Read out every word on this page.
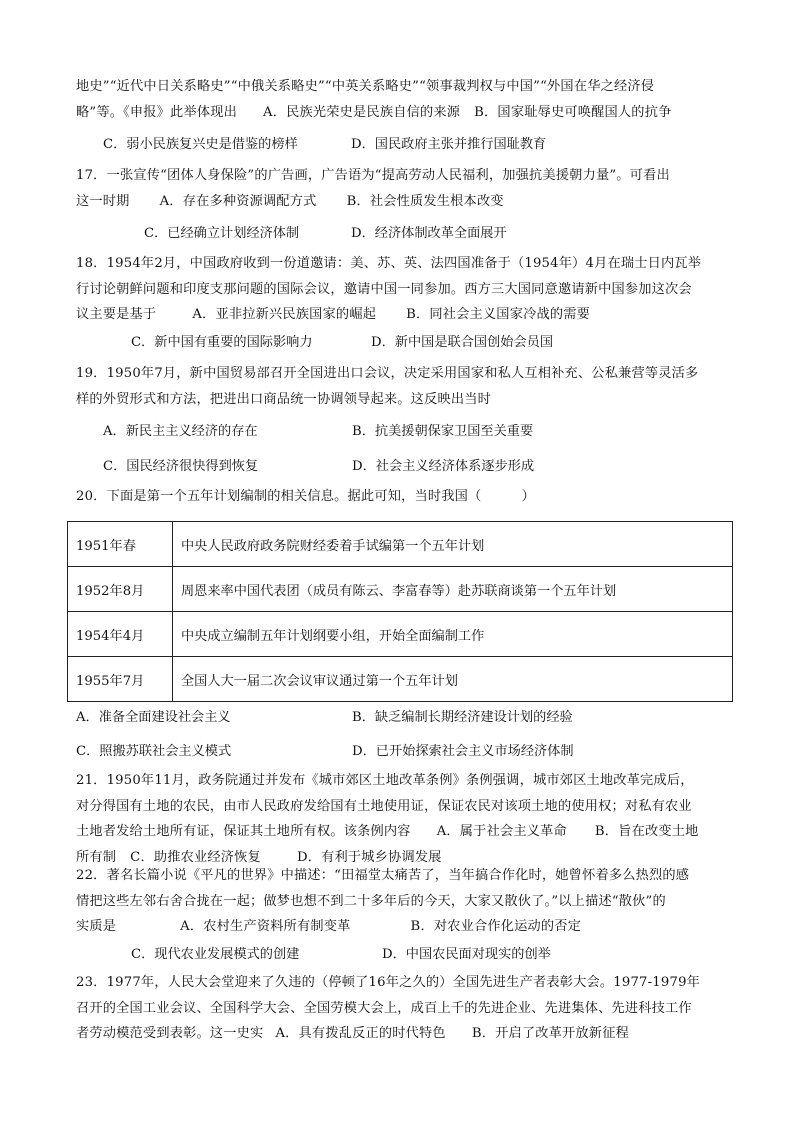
地史”“近代中日关系略史”“中俄关系略史”“中英关系略史”“领事裁判权与中国”“外国在华之经济侵
略”等。《申报》此举体现出 A．民族光荣史是民族自信的来源 B．国家耻辱史可唤醒国人的抗争
C．弱小民族复兴史是借鉴的榜样	D．国民政府主张并推行国耻教育
17．一张宣传“团体人身保险”的广告画，广告语为“提高劳动人民福利，加强抗美援朝力量”。可看出
这一时期 A．存在多种资源调配方式 B．社会性质发生根本改变
C．已经确立计划经济体制	D．经济体制改革全面展开
18．1954年2月，中国政府收到一份道邀请：美、苏、英、法四国准备于（1954年）4月在瑞士日内瓦举
行讨论朝鲜问题和印度支那问题的国际会议，邀请中国一同参加。西方三大国同意邀请新中国参加这次会
议主要是基于	A．亚非拉新兴民族国家的崛起 B．同社会主义国家冷战的需要
C．新中国有重要的国际影响力	D．新中国是联合国创始会员国
19．1950年7月，新中国贸易部召开全国进出口会议，决定采用国家和私人互相补充、公私兼营等灵活多
样的外贸形式和方法，把进出口商品统一协调领导起来。这反映出当时
A．新民主主义经济的存在	B．抗美援朝保家卫国至关重要
C．国民经济很快得到恢复	D．社会主义经济体系逐步形成
20．下面是第一个五年计划编制的相关信息。据此可知，当时我国（　　　）
1951年春	中央人民政府政务院财经委着手试编第一个五年计划
1952年8月	周恩来率中国代表团（成员有陈云、李富春等）赴苏联商谈第一个五年计划
1954年4月	中央成立编制五年计划纲要小组，开始全面编制工作
1955年7月	全国人大一届二次会议审议通过第一个五年计划
A．准备全面建设社会主义	B．缺乏编制长期经济建设计划的经验
C．照搬苏联社会主义模式	D．已开始探索社会主义市场经济体制
21．1950年11月，政务院通过并发布《城市郊区土地改革条例》条例强调，城市郊区土地改革完成后，
对分得国有土地的农民，由市人民政府发给国有土地使用证，保证农民对该项土地的使用权；对私有农业
土地者发给土地所有证，保证其土地所有权。该条例内容 A．属于社会主义革命 B．旨在改变土地
所有制 C．助推农业经济恢复	D．有利于城乡协调发展
22．著名长篇小说《平凡的世界》中描述：“田福堂太痛苦了，当年搞合作化时，她曾怀着多么热烈的感
情把这些左邻右舍合拢在一起；做梦也想不到二十多年后的今天，大家又散伙了。”以上描述“散伙”的
实质是	A．农村生产资料所有制变革	B．对农业合作化运动的否定
C．现代农业发展模式的创建	D．中国农民面对现实的创举
23．1977年，人民大会堂迎来了久违的（停顿了16年之久的）全国先进生产者表彰大会。1977-1979年
召开的全国工业会议、全国科学大会、全国劳模大会上，成百上千的先进企业、先进集体、先进科技工作
者劳动模范受到表彰。这一史实 A．具有拨乱反正的时代特色 B．开启了改革开放新征程
